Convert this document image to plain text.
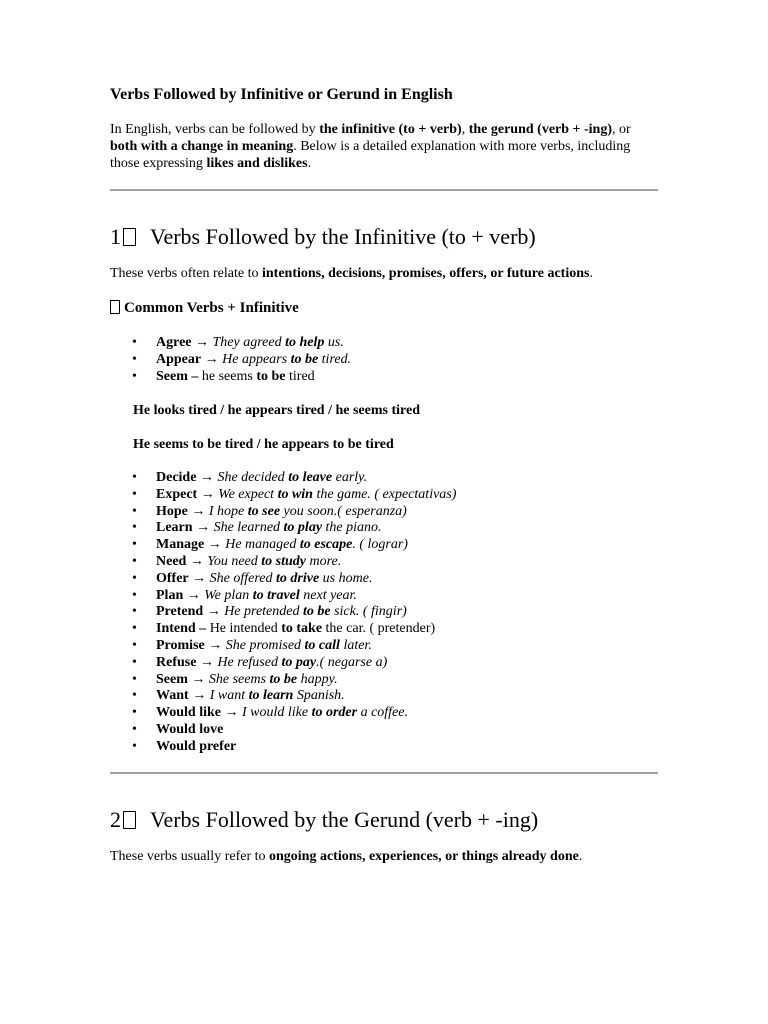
Verbs Followed by Infinitive or Gerund in English

In English, verbs can be followed by the infinitive (to + verb), the gerund (verb + -ing), or both with a change in meaning. Below is a detailed explanation with more verbs, including those expressing likes and dislikes.

1 Verbs Followed by the Infinitive (to + verb)

These verbs often relate to intentions, decisions, promises, offers, or future actions.

Common Verbs + Infinitive

• Agree → They agreed to help us.
• Appear → He appears to be tired.
• Seem – he seems to be tired

He looks tired / he appears tired / he seems tired

He seems to be tired / he appears to be tired

• Decide → She decided to leave early.
• Expect → We expect to win the game. ( expectativas)
• Hope → I hope to see you soon.( esperanza)
• Learn → She learned to play the piano.
• Manage → He managed to escape. ( lograr)
• Need → You need to study more.
• Offer → She offered to drive us home.
• Plan → We plan to travel next year.
• Pretend → He pretended to be sick. ( fingir)
• Intend – He intended to take the car. ( pretender)
• Promise → She promised to call later.
• Refuse → He refused to pay.( negarse a)
• Seem → She seems to be happy.
• Want → I want to learn Spanish.
• Would like → I would like to order a coffee.
• Would love
• Would prefer
2 Verbs Followed by the Gerund (verb + -ing)

These verbs usually refer to ongoing actions, experiences, or things already done.
